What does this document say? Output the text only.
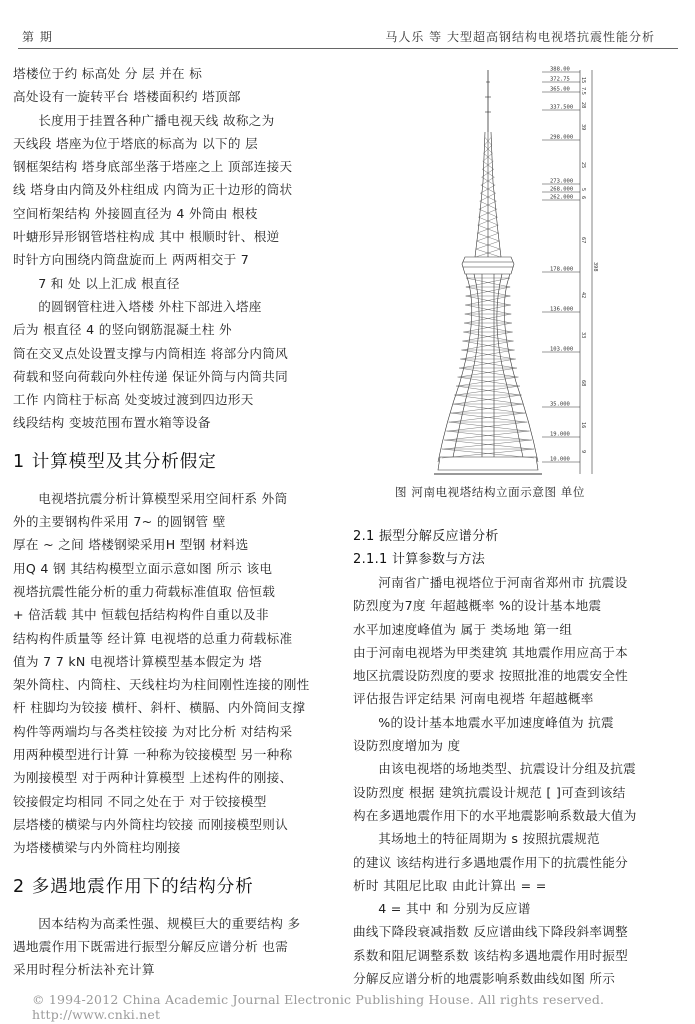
第 期	马人乐 等 大型超高钢结构电视塔抗震性能分析

塔楼位于约 标高处 分 层 并在 标

高处设有一旋转平台 塔楼面积约 塔顶部

长度用于挂置各种广播电视天线 故称之为

天线段 塔座为位于塔底的标高为 以下的 层

钢框架结构 塔身底部坐落于塔座之上 顶部连接天

线 塔身由内筒及外柱组成 内筒为正十边形的筒状

空间桁架结构 外接圆直径为 4 外筒由 根枝

叶螗形异形钢管塔柱构成 其中 根顺时针、根逆

时针方向围绕内筒盘旋而上 两两相交于 7

7 和 处 以上汇成 根直径

的圆钢管柱进入塔楼 外柱下部进入塔座

后为 根直径 4 的竖向钢筋混凝土柱 外

筒在交叉点处设置支撑与内筒相连 将部分内筒风

荷载和竖向荷载向外柱传递 保证外筒与内筒共同

工作 内筒柱于标高 处变坡过渡到四边形天

线段结构 变坡范围布置水箱等设备

1 计算模型及其分析假定

电视塔抗震分析计算模型采用空间杆系 外筒

外的主要钢构件采用 7~ 的圆钢管 壁

厚在 ~ 之间 塔楼钢梁采用H 型钢 材料选

用Q 4 钢 其结构模型立面示意如图 所示 该电

视塔抗震性能分析的重力荷载标准值取 倍恒载

+ 倍活载 其中 恒载包括结构构件自重以及非

结构构件质量等 经计算 电视塔的总重力荷载标准

值为 7 7 kN 电视塔计算模型基本假定为 塔

架外筒柱、内筒柱、天线柱均为柱间刚性连接的刚性

杆 柱脚均为铰接 横杆、斜杆、横膈、内外筒间支撑

构件等两端均与各类柱铰接 为对比分析 对结构采

用两种模型进行计算 一种称为铰接模型 另一种称

为刚接模型 对于两种计算模型 上述构件的刚接、

铰接假定均相同 不同之处在于 对于铰接模型

层塔楼的横梁与内外筒柱均铰接 而刚接模型则认

为塔楼横梁与内外筒柱均刚接

2 多遇地震作用下的结构分析

因本结构为高柔性强、规模巨大的重要结构 多

遇地震作用下既需进行振型分解反应谱分析 也需

采用时程分析法补充计算

388.00
372.75
365.00
337.500
298.000
273.000
268.000
262.000
178.000
136.000
103.000
35.000
19.000
10.000
15
7.5
28
39
25
5
6
67
42
33
68
16
9
398
图 河南电视塔结构立面示意图 单位
2.1 振型分解反应谱分析
2.1.1 计算参数与方法

河南省广播电视塔位于河南省郑州市 抗震设

防烈度为7度 年超越概率 %的设计基本地震

水平加速度峰值为 属于 类场地 第一组

由于河南电视塔为甲类建筑 其地震作用应高于本

地区抗震设防烈度的要求 按照批准的地震安全性

评估报告评定结果 河南电视塔 年超越概率

%的设计基本地震水平加速度峰值为 抗震

设防烈度增加为 度

由该电视塔的场地类型、抗震设计分组及抗震

设防烈度 根据 建筑抗震设计规范 [ ]可查到该结

构在多遇地震作用下的水平地震影响系数最大值为

其场地土的特征周期为 s 按照抗震规范

的建议 该结构进行多遇地震作用下的抗震性能分

析时 其阻尼比取 由此计算出 = =

4 = 其中 和 分别为反应谱

曲线下降段衰减指数 反应谱曲线下降段斜率调整

系数和阻尼调整系数 该结构多遇地震作用时振型

分解反应谱分析的地震影响系数曲线如图 所示

© 1994-2012 China Academic Journal Electronic Publishing House. All rights reserved. http://www.cnki.net
